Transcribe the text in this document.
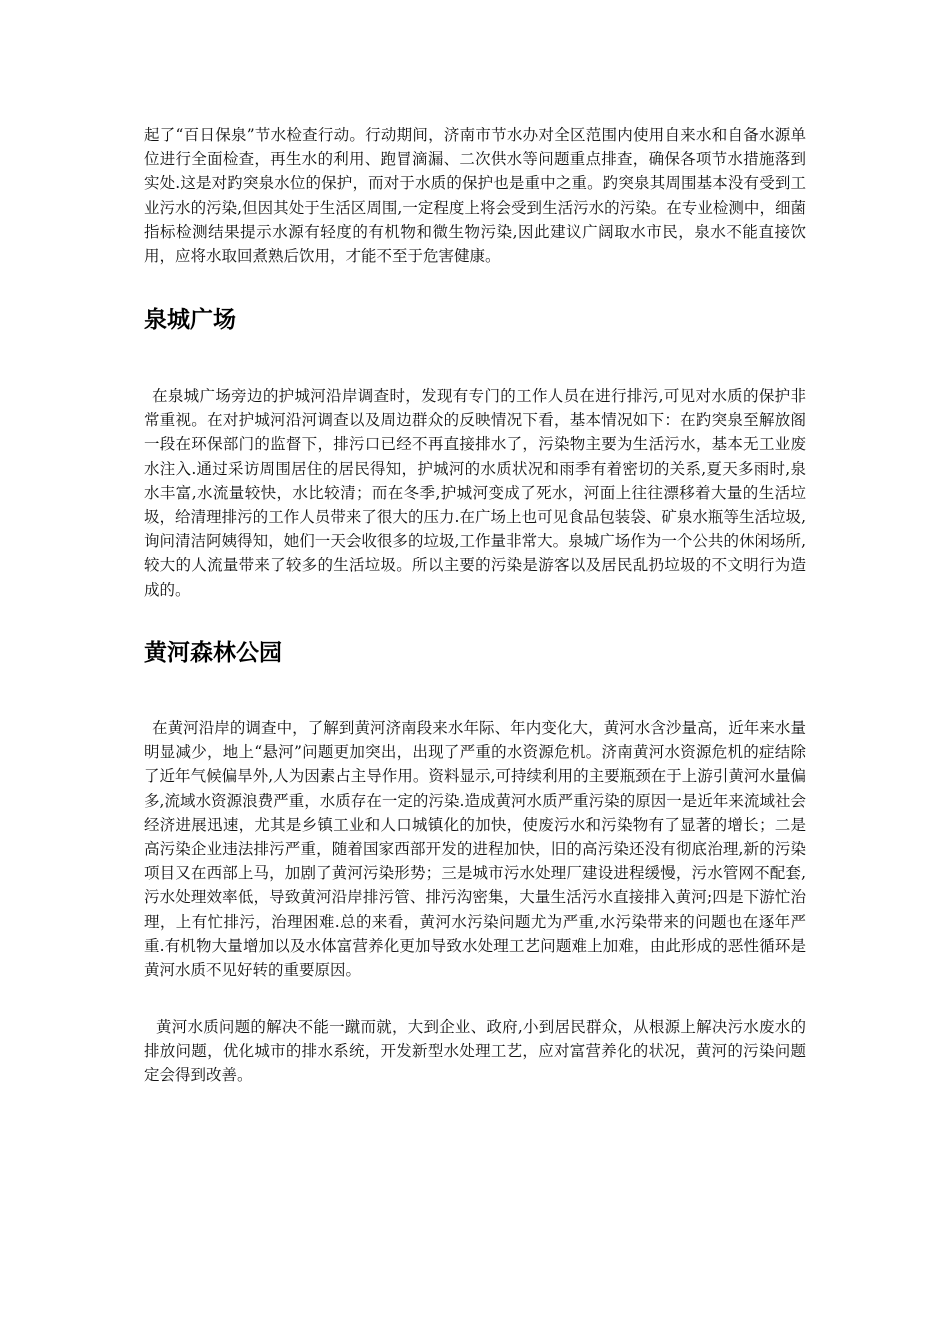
起了“百日保泉”节水检查行动。行动期间，济南市节水办对全区范围内使用自来水和自备水源单位进行全面检查，再生水的利用、跑冒滴漏、二次供水等问题重点排查，确保各项节水措施落到实处.这是对趵突泉水位的保护，而对于水质的保护也是重中之重。趵突泉其周围基本没有受到工业污水的污染,但因其处于生活区周围,一定程度上将会受到生活污水的污染。在专业检测中，细菌指标检测结果提示水源有轻度的有机物和微生物污染,因此建议广阔取水市民，泉水不能直接饮用，应将水取回煮熟后饮用，才能不至于危害健康。

泉城广场

在泉城广场旁边的护城河沿岸调查时，发现有专门的工作人员在进行排污,可见对水质的保护非常重视。在对护城河沿河调查以及周边群众的反映情况下看，基本情况如下：在趵突泉至解放阁一段在环保部门的监督下，排污口已经不再直接排水了，污染物主要为生活污水，基本无工业废水注入.通过采访周围居住的居民得知，护城河的水质状况和雨季有着密切的关系,夏天多雨时,泉水丰富,水流量较快，水比较清；而在冬季,护城河变成了死水，河面上往往漂移着大量的生活垃圾，给清理排污的工作人员带来了很大的压力.在广场上也可见食品包装袋、矿泉水瓶等生活垃圾,询问清洁阿姨得知，她们一天会收很多的垃圾,工作量非常大。泉城广场作为一个公共的休闲场所,较大的人流量带来了较多的生活垃圾。所以主要的污染是游客以及居民乱扔垃圾的不文明行为造成的。

黄河森林公园

在黄河沿岸的调查中，了解到黄河济南段来水年际、年内变化大，黄河水含沙量高，近年来水量明显减少，地上“悬河”问题更加突出，出现了严重的水资源危机。济南黄河水资源危机的症结除了近年气候偏旱外,人为因素占主导作用。资料显示,可持续利用的主要瓶颈在于上游引黄河水量偏多,流域水资源浪费严重，水质存在一定的污染.造成黄河水质严重污染的原因一是近年来流域社会经济进展迅速，尤其是乡镇工业和人口城镇化的加快，使废污水和污染物有了显著的增长；二是高污染企业违法排污严重，随着国家西部开发的进程加快，旧的高污染还没有彻底治理,新的污染项目又在西部上马，加剧了黄河污染形势；三是城市污水处理厂建设进程缓慢，污水管网不配套,污水处理效率低，导致黄河沿岸排污管、排污沟密集，大量生活污水直接排入黄河;四是下游忙治理，上有忙排污，治理困难.总的来看，黄河水污染问题尤为严重,水污染带来的问题也在逐年严重.有机物大量增加以及水体富营养化更加导致水处理工艺问题难上加难，由此形成的恶性循环是黄河水质不见好转的重要原因。

黄河水质问题的解决不能一蹴而就，大到企业、政府,小到居民群众，从根源上解决污水废水的排放问题，优化城市的排水系统，开发新型水处理工艺，应对富营养化的状况，黄河的污染问题定会得到改善。
